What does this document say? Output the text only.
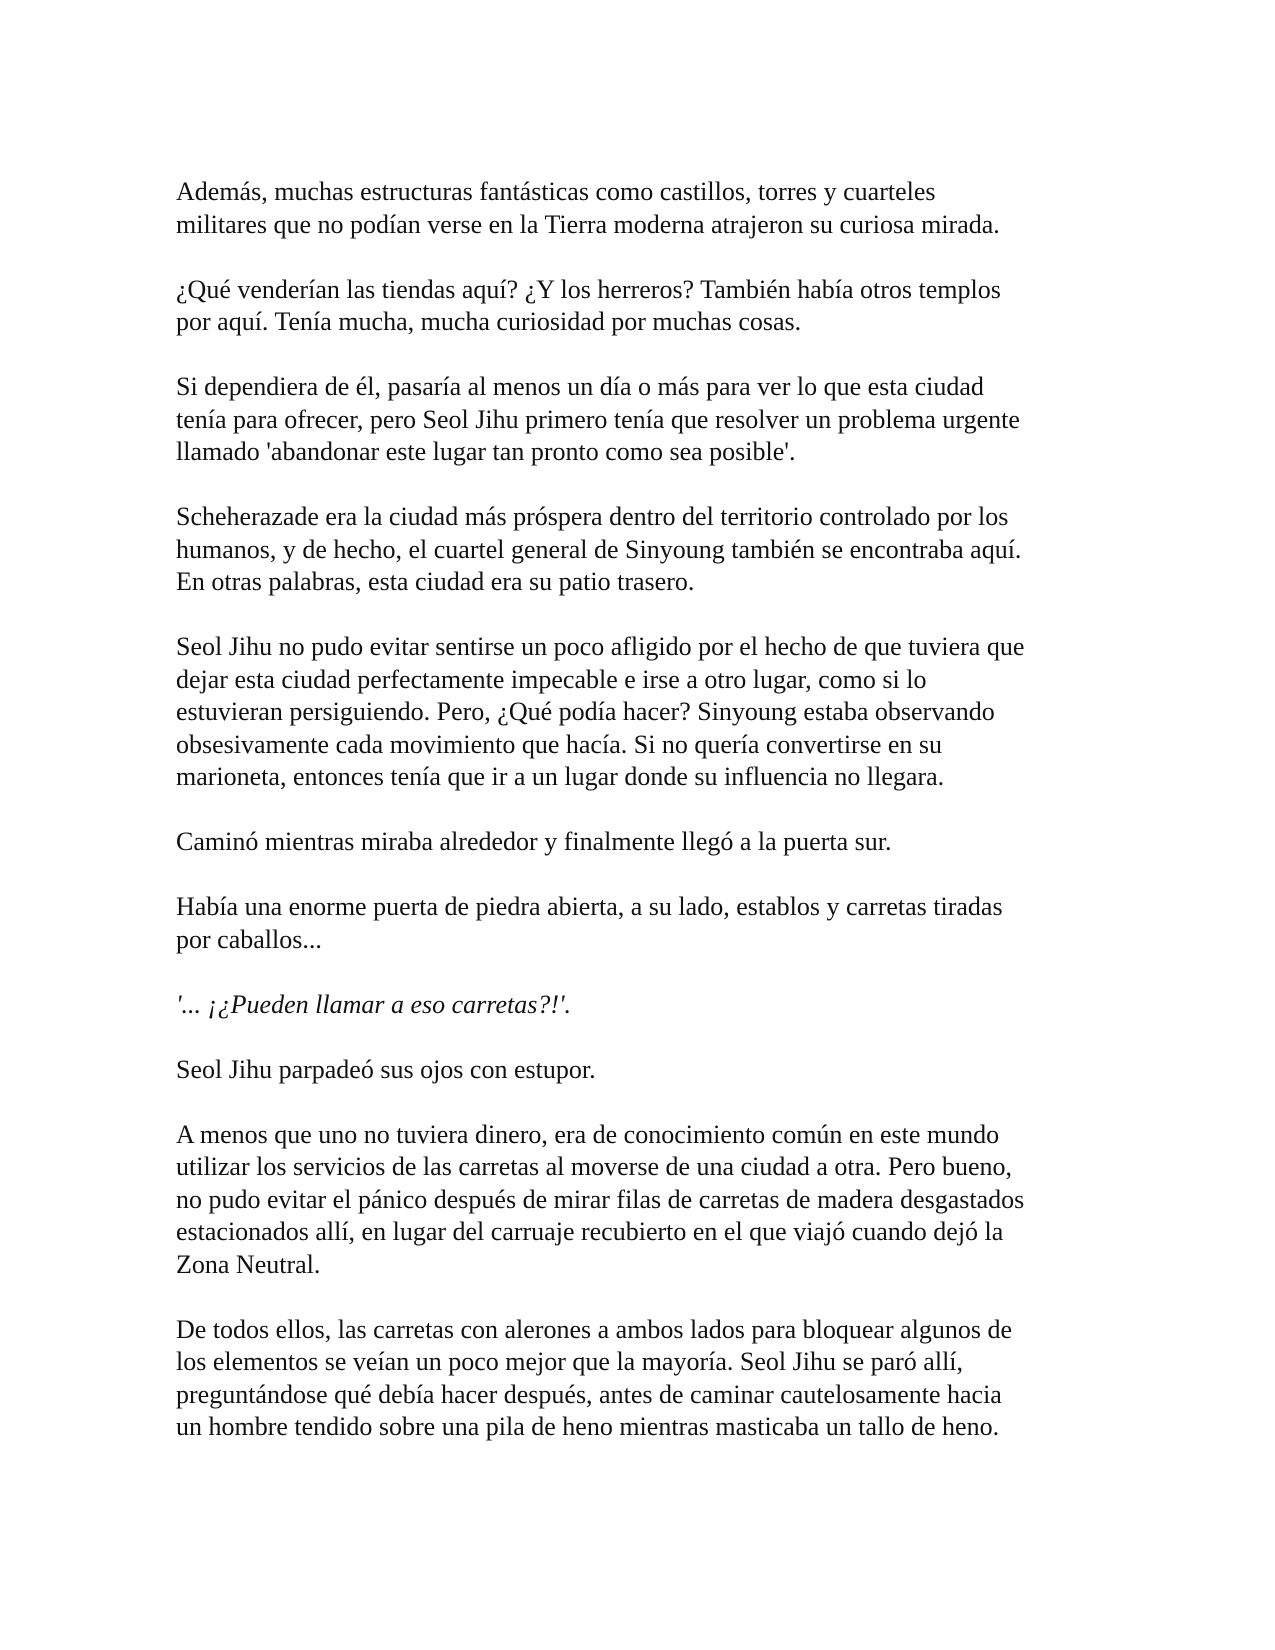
Además, muchas estructuras fantásticas como castillos, torres y cuarteles
militares que no podían verse en la Tierra moderna atrajeron su curiosa mirada.

¿Qué venderían las tiendas aquí? ¿Y los herreros? También había otros templos
por aquí. Tenía mucha, mucha curiosidad por muchas cosas.

Si dependiera de él, pasaría al menos un día o más para ver lo que esta ciudad
tenía para ofrecer, pero Seol Jihu primero tenía que resolver un problema urgente
llamado 'abandonar este lugar tan pronto como sea posible'.

Scheherazade era la ciudad más próspera dentro del territorio controlado por los
humanos, y de hecho, el cuartel general de Sinyoung también se encontraba aquí.
En otras palabras, esta ciudad era su patio trasero.

Seol Jihu no pudo evitar sentirse un poco afligido por el hecho de que tuviera que
dejar esta ciudad perfectamente impecable e irse a otro lugar, como si lo
estuvieran persiguiendo. Pero, ¿Qué podía hacer? Sinyoung estaba observando
obsesivamente cada movimiento que hacía. Si no quería convertirse en su
marioneta, entonces tenía que ir a un lugar donde su influencia no llegara.

Caminó mientras miraba alrededor y finalmente llegó a la puerta sur.

Había una enorme puerta de piedra abierta, a su lado, establos y carretas tiradas
por caballos...

'... ¡¿Pueden llamar a eso carretas?!'.

Seol Jihu parpadeó sus ojos con estupor.

A menos que uno no tuviera dinero, era de conocimiento común en este mundo
utilizar los servicios de las carretas al moverse de una ciudad a otra. Pero bueno,
no pudo evitar el pánico después de mirar filas de carretas de madera desgastados
estacionados allí, en lugar del carruaje recubierto en el que viajó cuando dejó la
Zona Neutral.

De todos ellos, las carretas con alerones a ambos lados para bloquear algunos de
los elementos se veían un poco mejor que la mayoría. Seol Jihu se paró allí,
preguntándose qué debía hacer después, antes de caminar cautelosamente hacia
un hombre tendido sobre una pila de heno mientras masticaba un tallo de heno.
